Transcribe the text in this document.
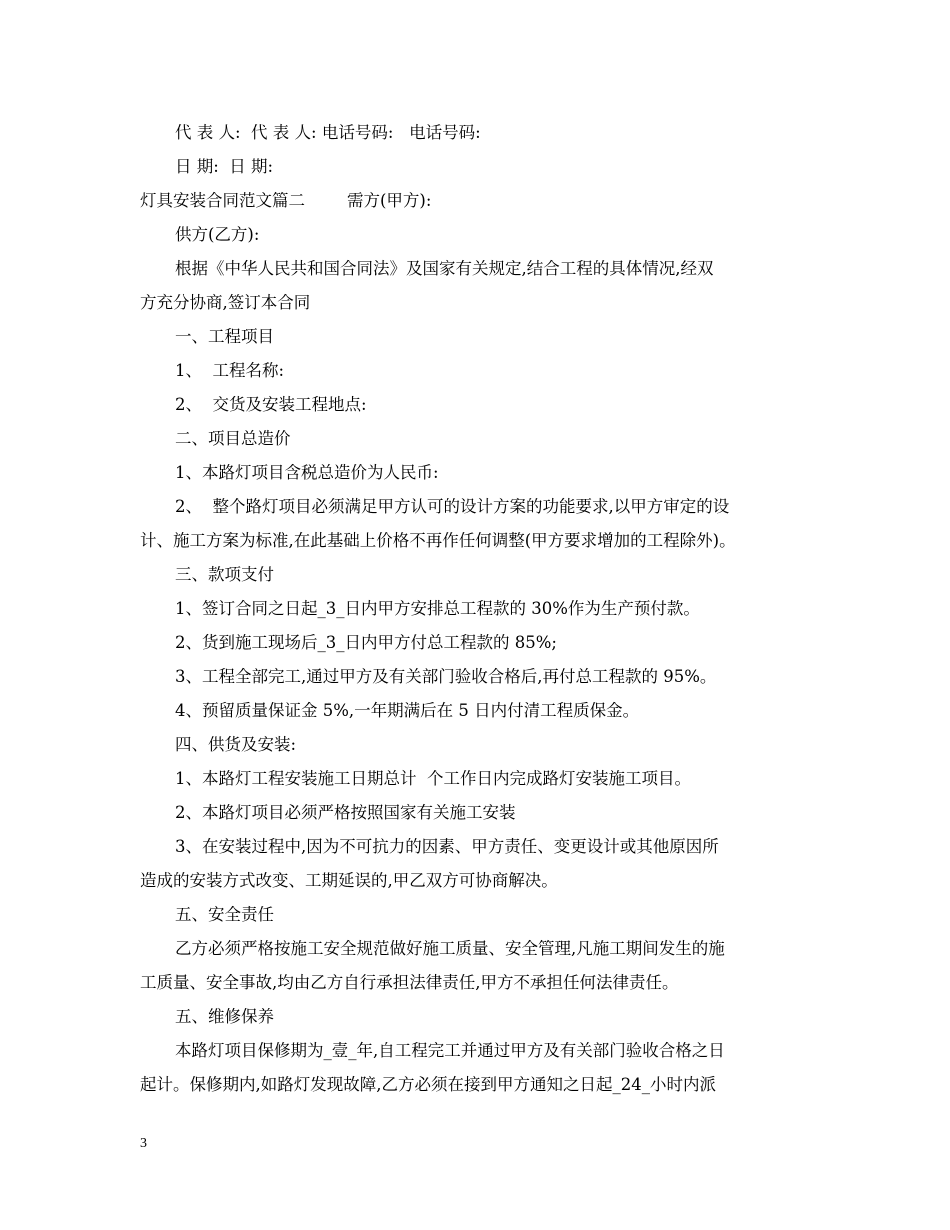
代 表 人:  代 表 人: 电话号码:   电话号码:
日 期:  日 期:
灯具安装合同范文篇二        需方(甲方):
供方(乙方):
根据《中华人民共和国合同法》及国家有关规定,结合工程的具体情况,经双
方充分协商,签订本合同
一、工程项目
1、  工程名称:
2、  交货及安装工程地点:
二、项目总造价
1、本路灯项目含税总造价为人民币:
2、  整个路灯项目必须满足甲方认可的设计方案的功能要求,以甲方审定的设
计、施工方案为标准,在此基础上价格不再作任何调整(甲方要求增加的工程除外)。
三、款项支付
1、签订合同之日起_3_日内甲方安排总工程款的 30%作为生产预付款。
2、货到施工现场后_3_日内甲方付总工程款的 85%;
3、工程全部完工,通过甲方及有关部门验收合格后,再付总工程款的 95%。
4、预留质量保证金 5%,一年期满后在 5 日内付清工程质保金。
四、供货及安装:
1、本路灯工程安装施工日期总计  个工作日内完成路灯安装施工项目。
2、本路灯项目必须严格按照国家有关施工安装
3、在安装过程中,因为不可抗力的因素、甲方责任、变更设计或其他原因所
造成的安装方式改变、工期延误的,甲乙双方可协商解决。
五、安全责任
乙方必须严格按施工安全规范做好施工质量、安全管理,凡施工期间发生的施
工质量、安全事故,均由乙方自行承担法律责任,甲方不承担任何法律责任。
五、维修保养
本路灯项目保修期为_壹_年,自工程完工并通过甲方及有关部门验收合格之日
起计。保修期内,如路灯发现故障,乙方必须在接到甲方通知之日起_24_小时内派
3
